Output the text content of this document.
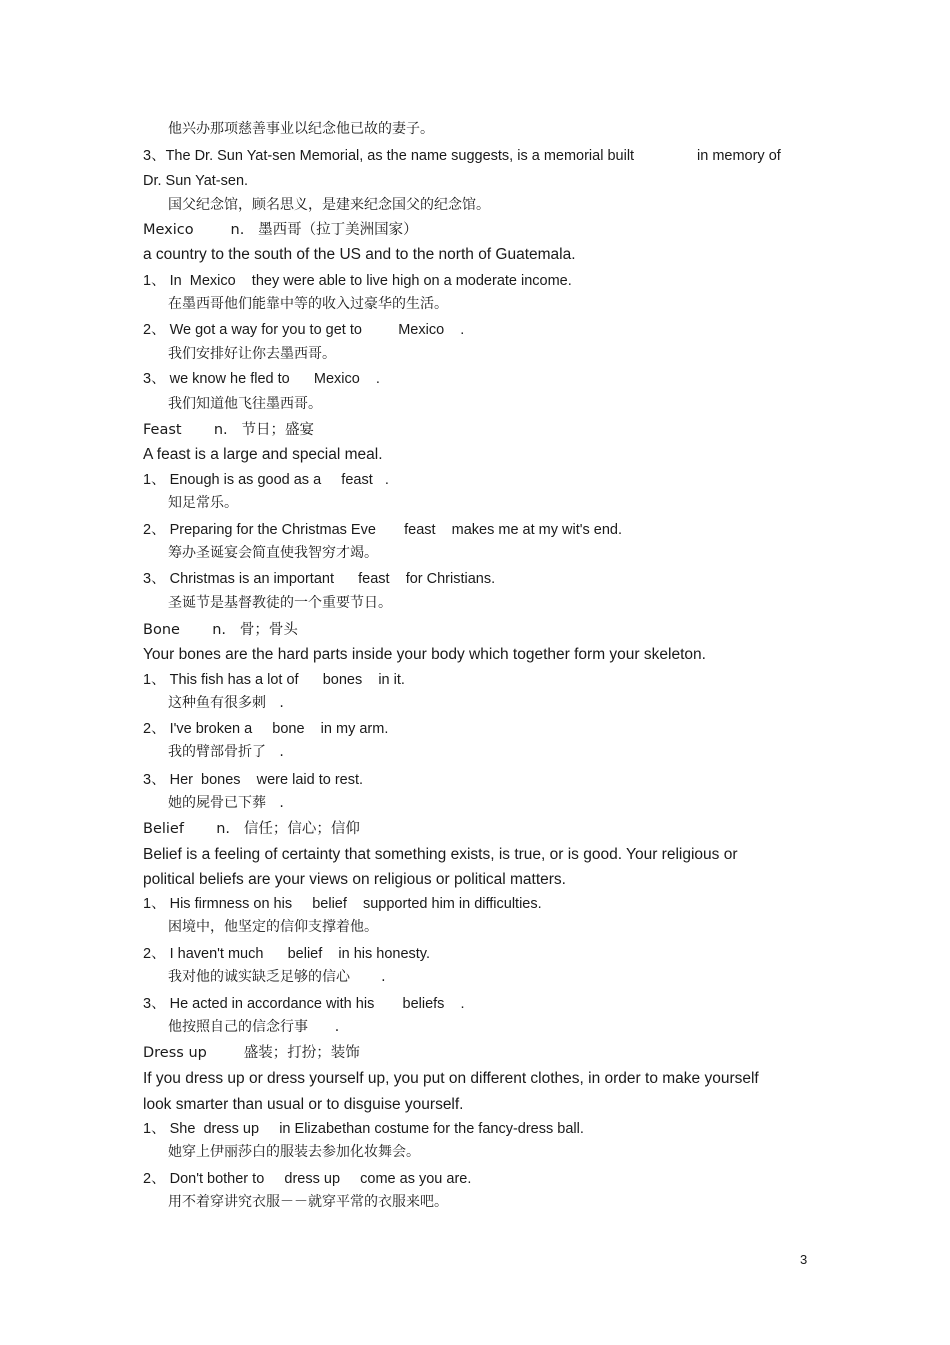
他兴办那项慈善事业以纪念他已故的妻子。
3、The Dr. Sun Yat-sen Memorial, as the name suggests, is a memorial built	in memory of
Dr. Sun Yat-sen.
国父纪念馆，顾名思义，是建来纪念国父的纪念馆。
Mexico        n.   墨西哥（拉丁美洲国家）
a country to the south of the US and to the north of Guatemala.
1、 In  Mexico    they were able to live high on a moderate income.
在墨西哥他们能靠中等的收入过豪华的生活。
2、 We got a way for you to get to         Mexico    .
我们安排好让你去墨西哥。
3、 we know he fled to      Mexico    .
我们知道他飞往墨西哥。
Feast       n.   节日；盛宴
A feast is a large and special meal.
1、 Enough is as good as a     feast   .
知足常乐。
2、 Preparing for the Christmas Eve       feast    makes me at my wit's end.
筹办圣诞宴会简直使我智穷才竭。
3、 Christmas is an important      feast    for Christians.
圣诞节是基督教徒的一个重要节日。
Bone       n.   骨；骨头
Your bones are the hard parts inside your body which together form your skeleton.
1、 This fish has a lot of      bones    in it.
这种鱼有很多刺   .
2、 I've broken a     bone    in my arm.
我的臂部骨折了   .
3、 Her  bones    were laid to rest.
她的屍骨已下葬   .
Belief       n.   信任；信心；信仰
Belief is a feeling of certainty that something exists, is true, or is good. Your religious or
political beliefs are your views on religious or political matters.
1、 His firmness on his     belief    supported him in difficulties.
困境中，他坚定的信仰支撑着他。
2、 I haven't much      belief    in his honesty.
我对他的诚实缺乏足够的信心       .
3、 He acted in accordance with his       beliefs    .
他按照自己的信念行事      .
Dress up        盛装；打扮；装饰
If you dress up or dress yourself up, you put on different clothes, in order to make yourself
look smarter than usual or to disguise yourself.
1、 She  dress up     in Elizabethan costume for the fancy-dress ball.
她穿上伊丽莎白的服装去参加化妆舞会。
2、 Don't bother to     dress up     come as you are.
用不着穿讲究衣服－－就穿平常的衣服来吧。
3
